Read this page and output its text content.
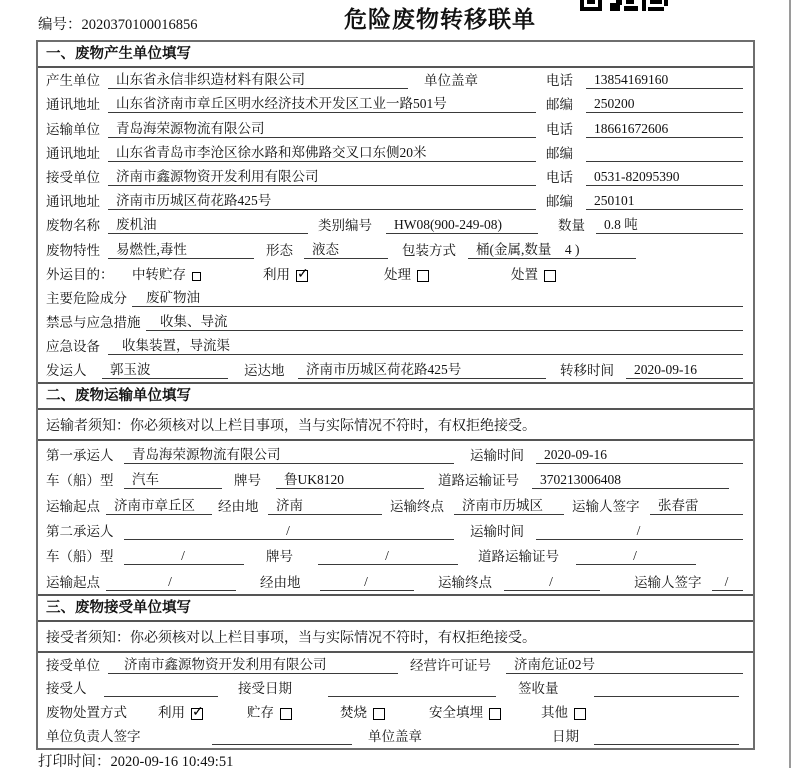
编号：2020370100016856	危险废物转移联单
一、废物产生单位填写
产生单位	山东省永信非织造材料有限公司	单位盖章	电话	13854169160
通讯地址	山东省济南市章丘区明水经济技术开发区工业一路501号	邮编	250200
运输单位	青岛海荣源物流有限公司	电话	18661672606
通讯地址	山东省青岛市李沧区徐水路和郑佛路交叉口东侧20米	邮编
接受单位	济南市鑫源物资开发利用有限公司	电话	0531-82095390
通讯地址	济南市历城区荷花路425号	邮编	250101
废物名称	废机油	类别编号	HW08(900-249-08)	数量	0.8 吨
废物特性	易燃性,毒性	形态	液态	包装方式	桶(金属,数量　4 )
外运目的：	中转贮存	利用 ✓	处理	处置
主要危险成分	废矿物油
禁忌与应急措施	收集、导流
应急设备	收集装置，导流渠
发运人	郭玉波	运达地	济南市历城区荷花路425号	转移时间	2020-09-16
二、废物运输单位填写
运输者须知：你必须核对以上栏目事项，当与实际情况不符时，有权拒绝接受。
第一承运人	青岛海荣源物流有限公司	运输时间	2020-09-16
车（船）型	汽车	牌号	鲁UK8120	道路运输证号	370213006408
运输起点	济南市章丘区	经由地	济南	运输终点	济南市历城区	运输人签字	张春雷
第二承运人	/	运输时间	/
车（船）型	/	牌号	/	道路运输证号	/
运输起点	/	经由地	/	运输终点	/	运输人签字	/
三、废物接受单位填写
接受者须知：你必须核对以上栏目事项，当与实际情况不符时，有权拒绝接受。
接受单位	济南市鑫源物资开发利用有限公司	经营许可证号	济南危证02号
接受人	接受日期	签收量
废物处置方式	利用 ✓	贮存	焚烧	安全填埋	其他
单位负责人签字	单位盖章	日期
打印时间：2020-09-16 10:49:51
